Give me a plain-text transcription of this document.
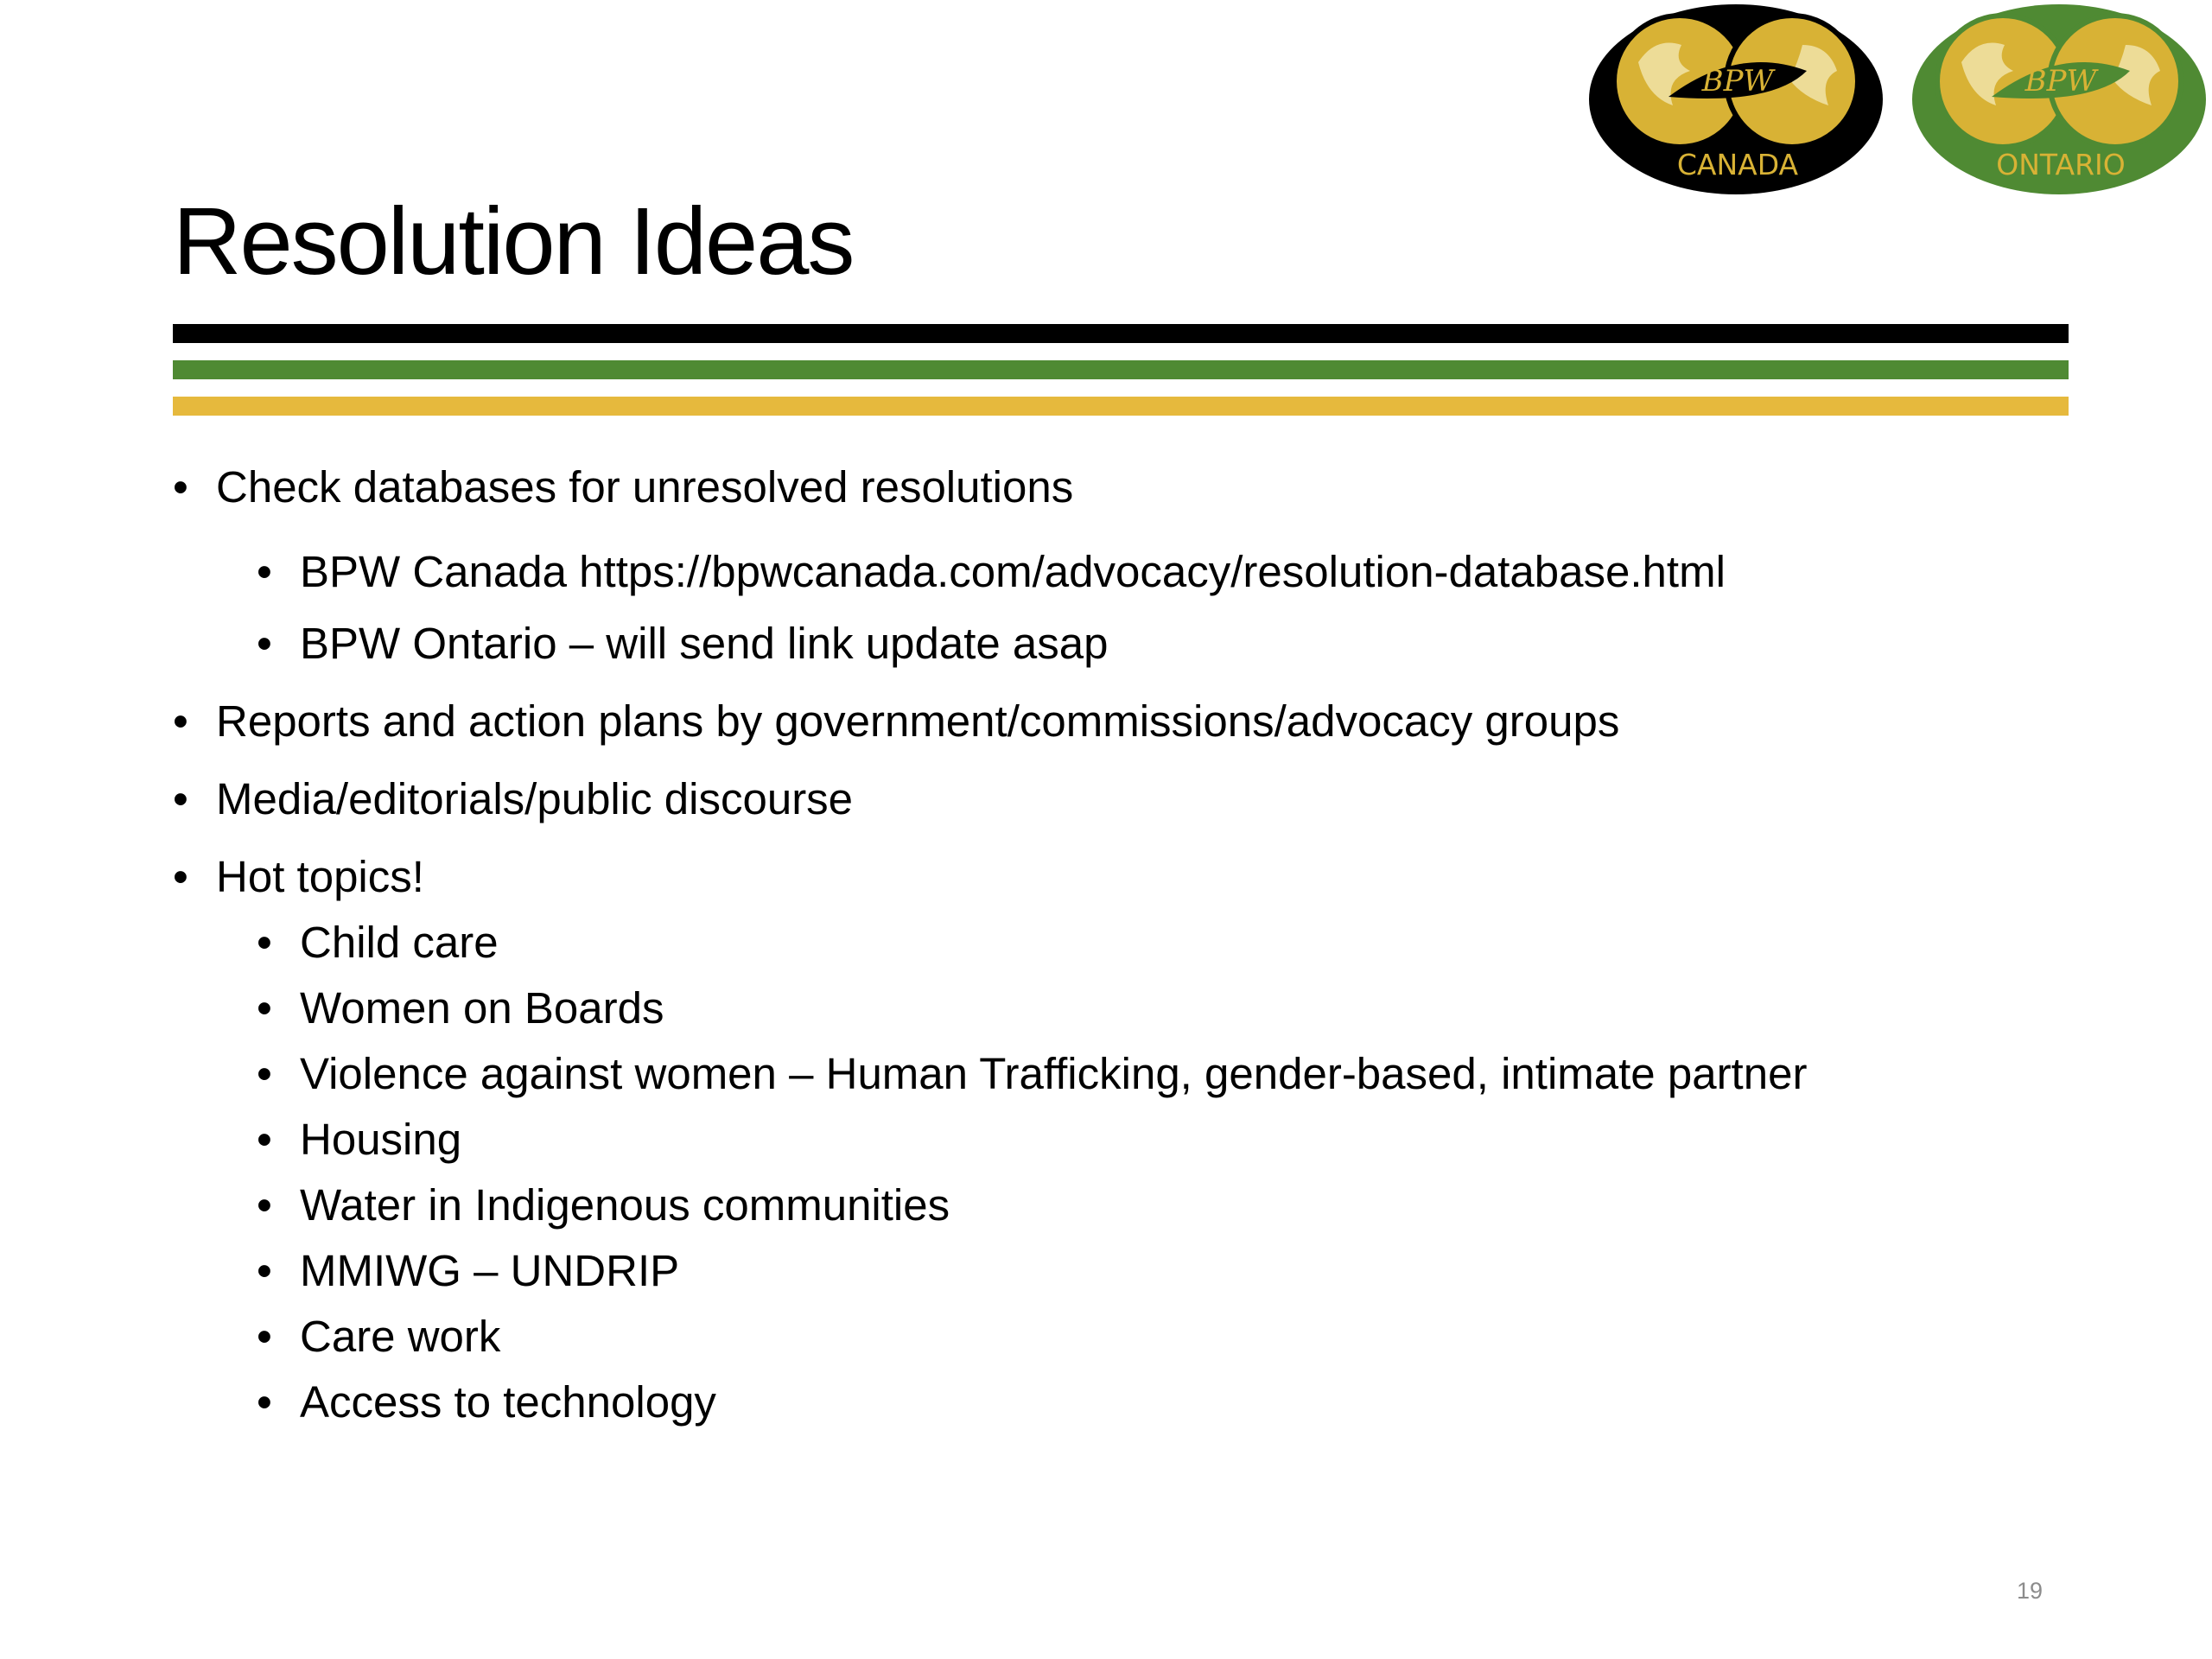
BPW
CANADA
BPW
ONTARIO
Resolution Ideas
• Check databases for unresolved resolutions
• BPW Canada https://bpwcanada.com/advocacy/resolution-database.html
• BPW Ontario – will send link update asap
• Reports and action plans by government/commissions/advocacy groups
• Media/editorials/public discourse
• Hot topics!
• Child care
• Women on Boards
• Violence against women – Human Trafficking, gender-based, intimate partner
• Housing
• Water in Indigenous communities
• MMIWG – UNDRIP
• Care work
• Access to technology
19
